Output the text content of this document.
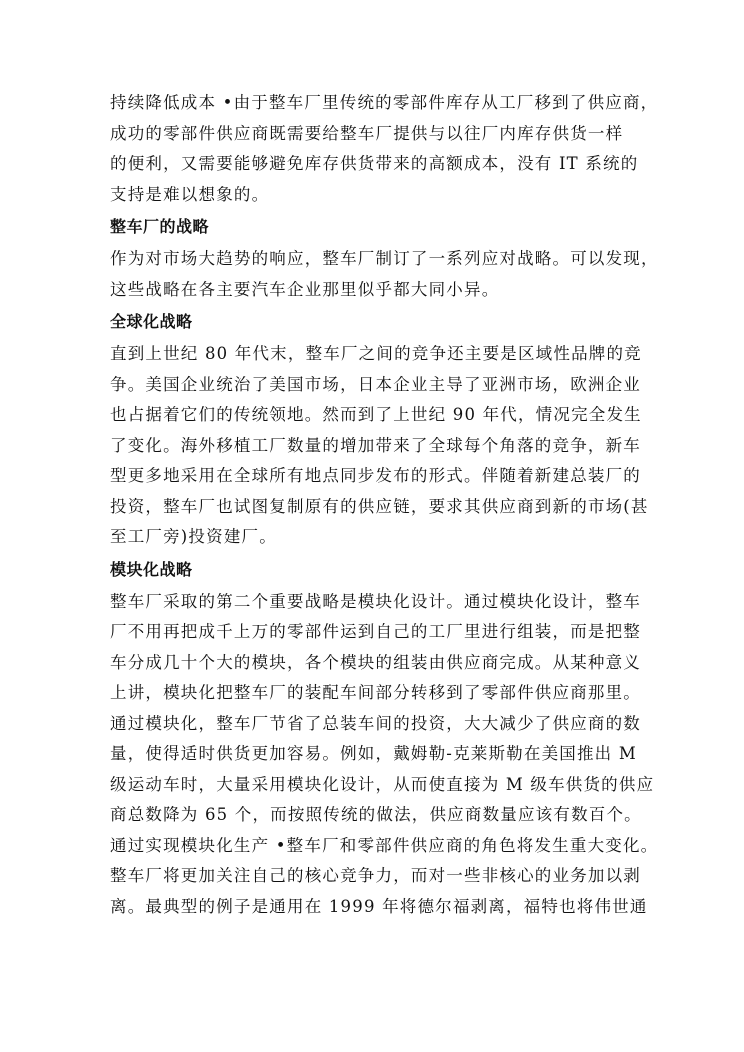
持续降低成本 •由于整车厂里传统的零部件库存从工厂移到了供应商，
成功的零部件供应商既需要给整车厂提供与以往厂内库存供货一样
的便利，又需要能够避免库存供货带来的高额成本，没有 IT 系统的
支持是难以想象的。
整车厂的战略
作为对市场大趋势的响应，整车厂制订了一系列应对战略。可以发现，
这些战略在各主要汽车企业那里似乎都大同小异。
全球化战略
直到上世纪 80 年代末，整车厂之间的竞争还主要是区域性品牌的竞
争。美国企业统治了美国市场，日本企业主导了亚洲市场，欧洲企业
也占据着它们的传统领地。然而到了上世纪 90 年代，情况完全发生
了变化。海外移植工厂数量的增加带来了全球每个角落的竞争，新车
型更多地采用在全球所有地点同步发布的形式。伴随着新建总装厂的
投资，整车厂也试图复制原有的供应链，要求其供应商到新的市场(甚
至工厂旁)投资建厂。
模块化战略
整车厂采取的第二个重要战略是模块化设计。通过模块化设计，整车
厂不用再把成千上万的零部件运到自己的工厂里进行组装，而是把整
车分成几十个大的模块，各个模块的组装由供应商完成。从某种意义
上讲，模块化把整车厂的装配车间部分转移到了零部件供应商那里。
通过模块化，整车厂节省了总装车间的投资，大大减少了供应商的数
量，使得适时供货更加容易。例如，戴姆勒-克莱斯勒在美国推出 M
级运动车时，大量采用模块化设计，从而使直接为 M 级车供货的供应
商总数降为 65 个，而按照传统的做法，供应商数量应该有数百个。
通过实现模块化生产 •整车厂和零部件供应商的角色将发生重大变化。
整车厂将更加关注自己的核心竞争力，而对一些非核心的业务加以剥
离。最典型的例子是通用在 1999 年将德尔福剥离，福特也将伟世通
